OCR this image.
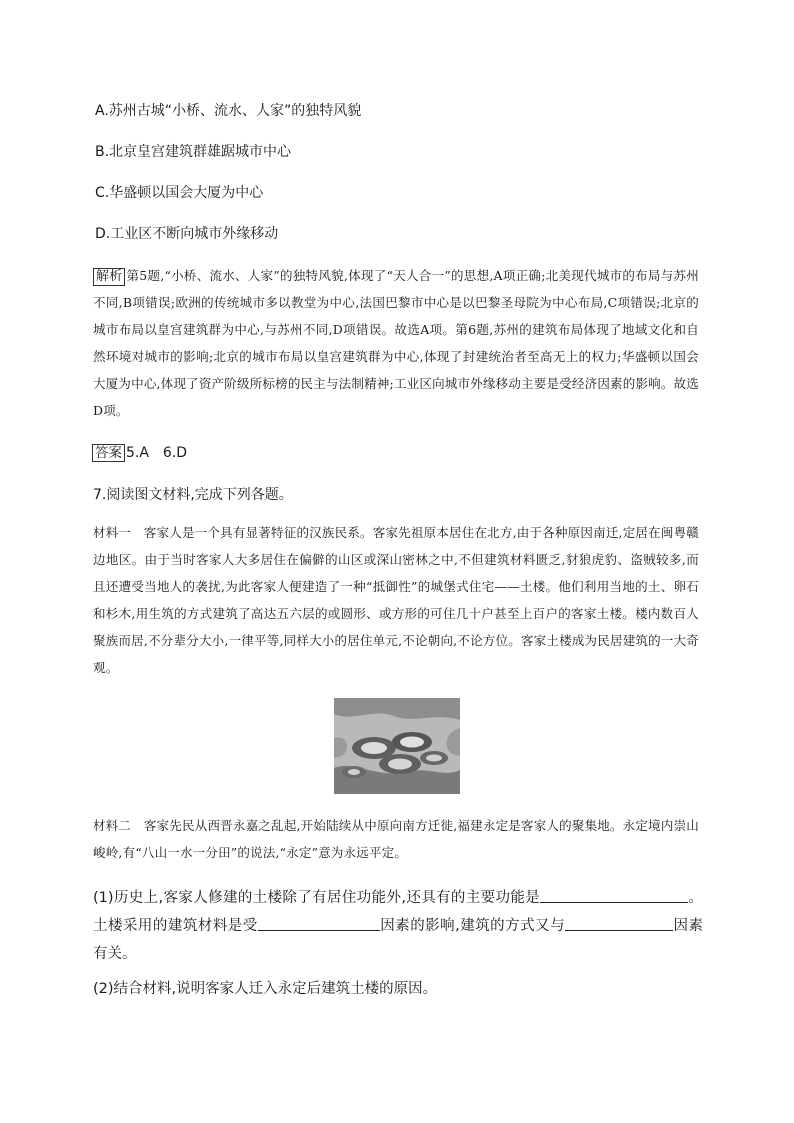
A.苏州古城“小桥、流水、人家”的独特风貌
B.北京皇宫建筑群雄踞城市中心
C.华盛顿以国会大厦为中心
D.工业区不断向城市外缘移动
解析 第5题,“小桥、流水、人家”的独特风貌,体现了“天人合一”的思想,A项正确;北美现代城市的布局与苏州不同,B项错误;欧洲的传统城市多以教堂为中心,法国巴黎市中心是以巴黎圣母院为中心布局,C项错误;北京的城市布局以皇宫建筑群为中心,与苏州不同,D项错误。故选A项。第6题,苏州的建筑布局体现了地域文化和自然环境对城市的影响;北京的城市布局以皇宫建筑群为中心,体现了封建统治者至高无上的权力;华盛顿以国会大厦为中心,体现了资产阶级所标榜的民主与法制精神;工业区向城市外缘移动主要是受经济因素的影响。故选D项。
答案 5.A　6.D
7.阅读图文材料,完成下列各题。
材料一　客家人是一个具有显著特征的汉族民系。客家先祖原本居住在北方,由于各种原因南迁,定居在闽粤赣边地区。由于当时客家人大多居住在偏僻的山区或深山密林之中,不但建筑材料匮乏,豺狼虎豹、盗贼较多,而且还遭受当地人的袭扰,为此客家人便建造了一种“抵御性”的城堡式住宅——土楼。他们利用当地的土、卵石和杉木,用生筑的方式建筑了高达五六层的或圆形、或方形的可住几十户甚至上百户的客家土楼。楼内数百人聚族而居,不分辈分大小,一律平等,同样大小的居住单元,不论朝向,不论方位。客家土楼成为民居建筑的一大奇观。
材料二　客家先民从西晋永嘉之乱起,开始陆续从中原向南方迁徙,福建永定是客家人的聚集地。永定境内崇山峻岭,有“八山一水一分田”的说法,“永定”意为永远平定。
(1)历史上,客家人修建的土楼除了有居住功能外,还具有的主要功能是	。土楼采用的建筑材料是受	因素的影响,建筑的方式又与	因素有关。
(2)结合材料,说明客家人迁入永定后建筑土楼的原因。
